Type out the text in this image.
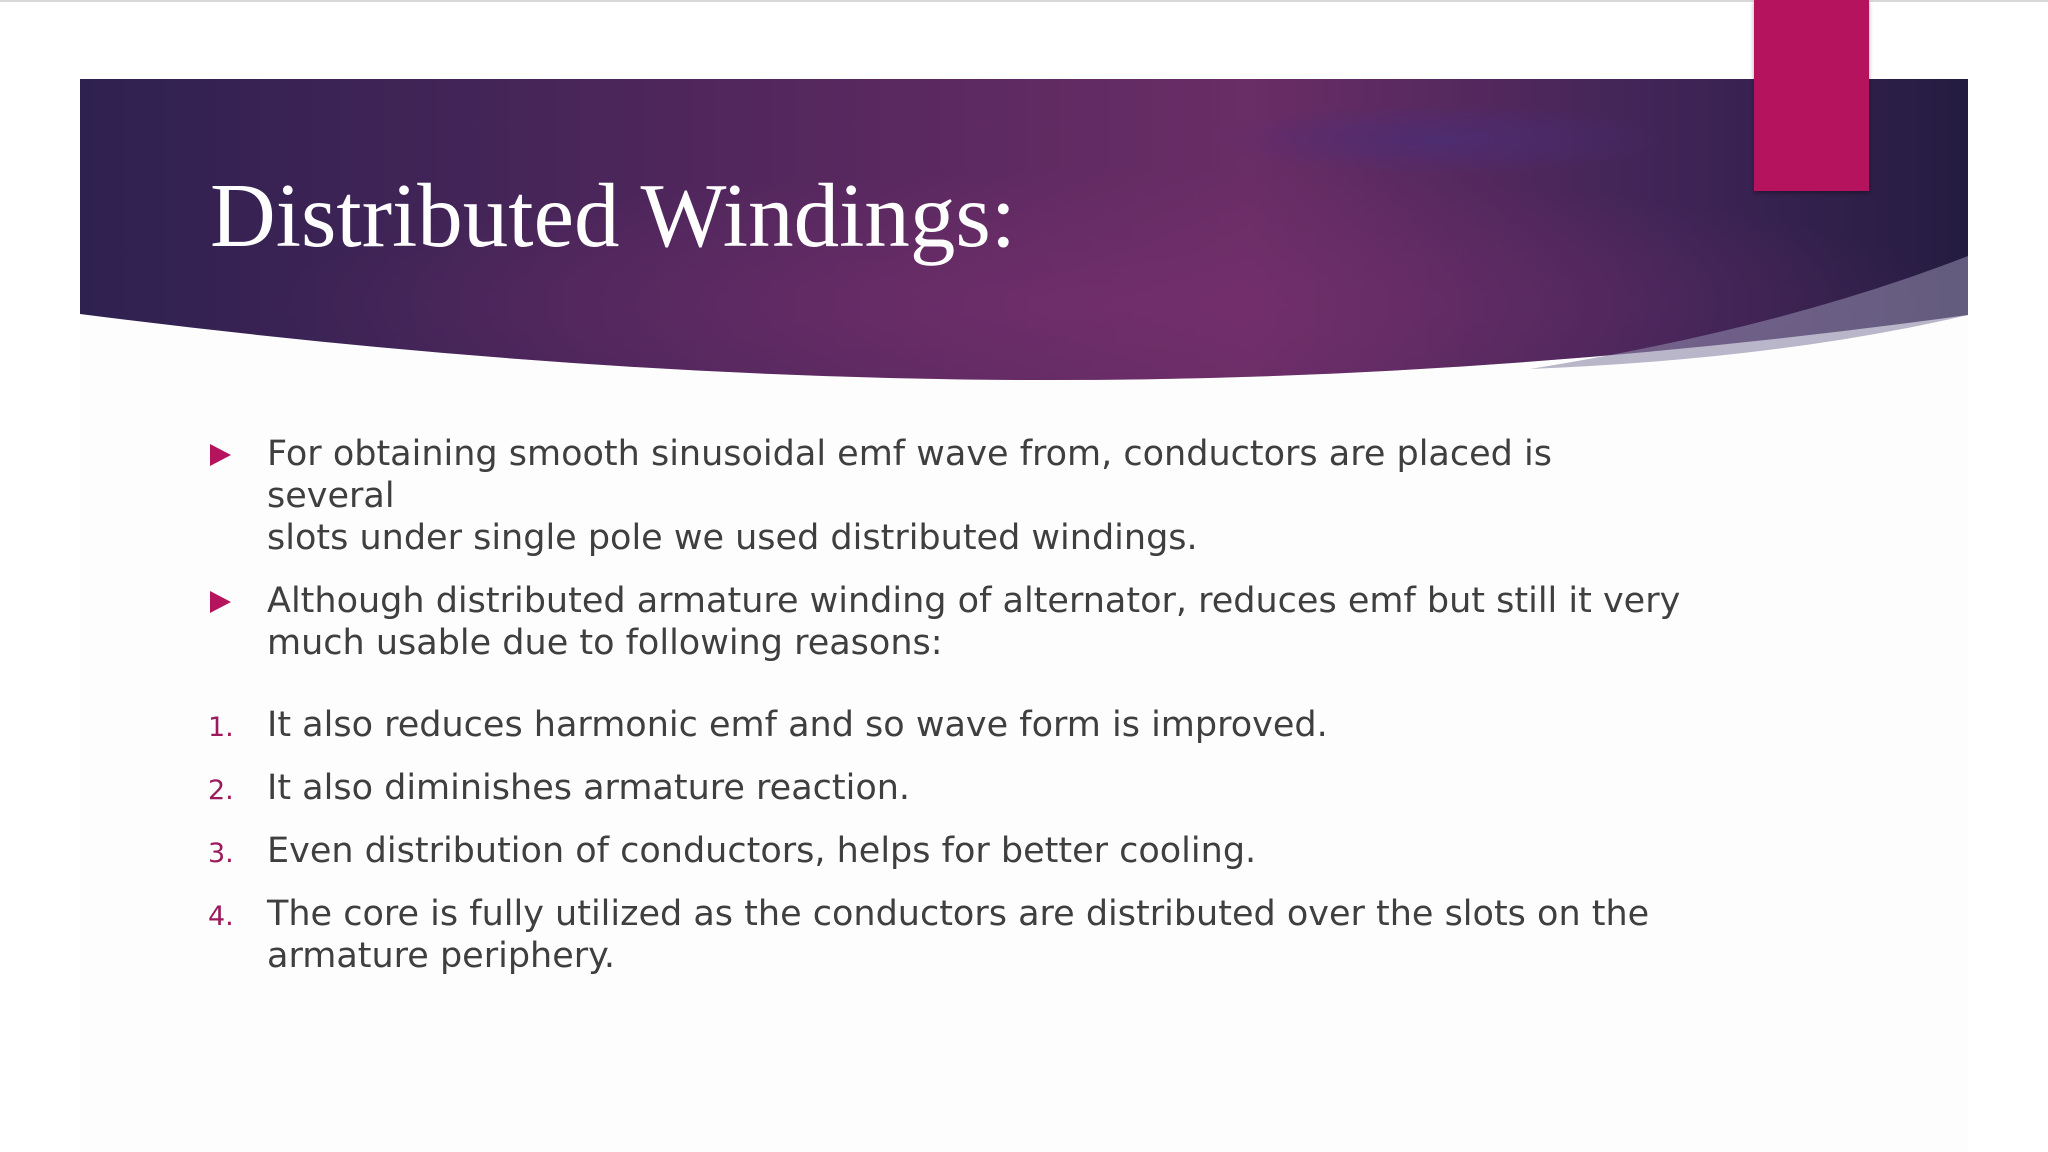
Distributed Windings:
For obtaining smooth sinusoidal emf wave from, conductors are placed is several
slots under single pole we used distributed windings.
Although distributed armature winding of alternator, reduces emf but still it very
much usable due to following reasons:
1. It also reduces harmonic emf and so wave form is improved.
2. It also diminishes armature reaction.
3. Even distribution of conductors, helps for better cooling.
4. The core is fully utilized as the conductors are distributed over the slots on the
armature periphery.
